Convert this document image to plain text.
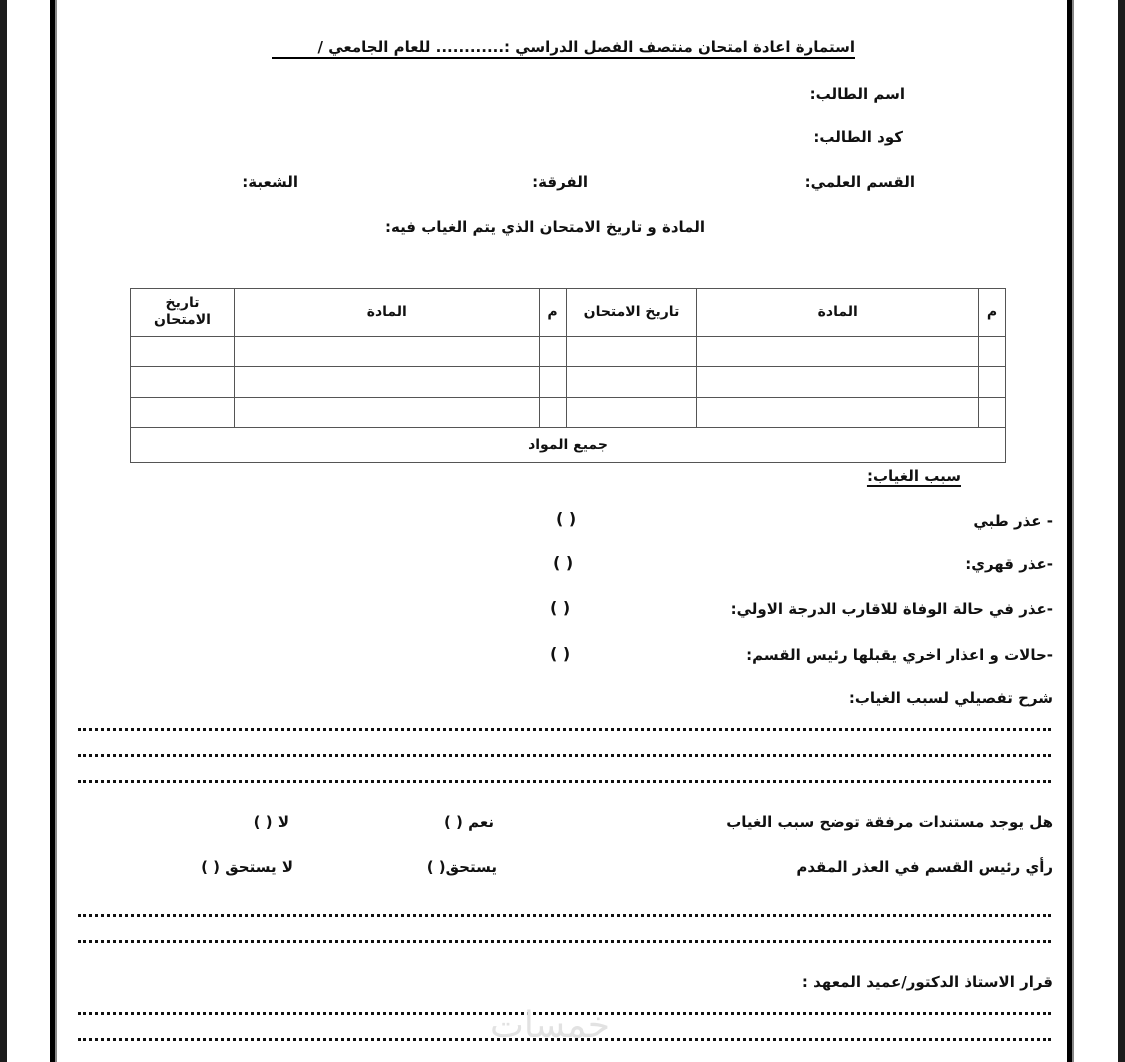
استمارة اعادة امتحان منتصف الفصل الدراسي :............ للعام الجامعي /
اسم الطالب:
كود الطالب:
القسم العلمي:
الفرقة:
الشعبة:
المادة و تاريخ الامتحان الذي يتم الغياب فيه:
م	المادة	تاريخ الامتحان	م	المادة	تاريخ الامتحان

جميع المواد					
سبب الغياب:
- عذر طبي
( )
-عذر قهري:
( )
-عذر في حالة الوفاة للاقارب الدرجة الاولي:
( )
-حالات و اعذار اخري يقبلها رئيس القسم:
( )
شرح تفصيلي لسبب الغياب:
هل يوجد مستندات مرفقة توضح سبب الغياب
نعم ( )
لا ( )
رأي رئيس القسم في العذر المقدم
يستحق( )
لا يستحق ( )
قرار الاستاذ الدكتور/عميد المعهد :
خمسات
